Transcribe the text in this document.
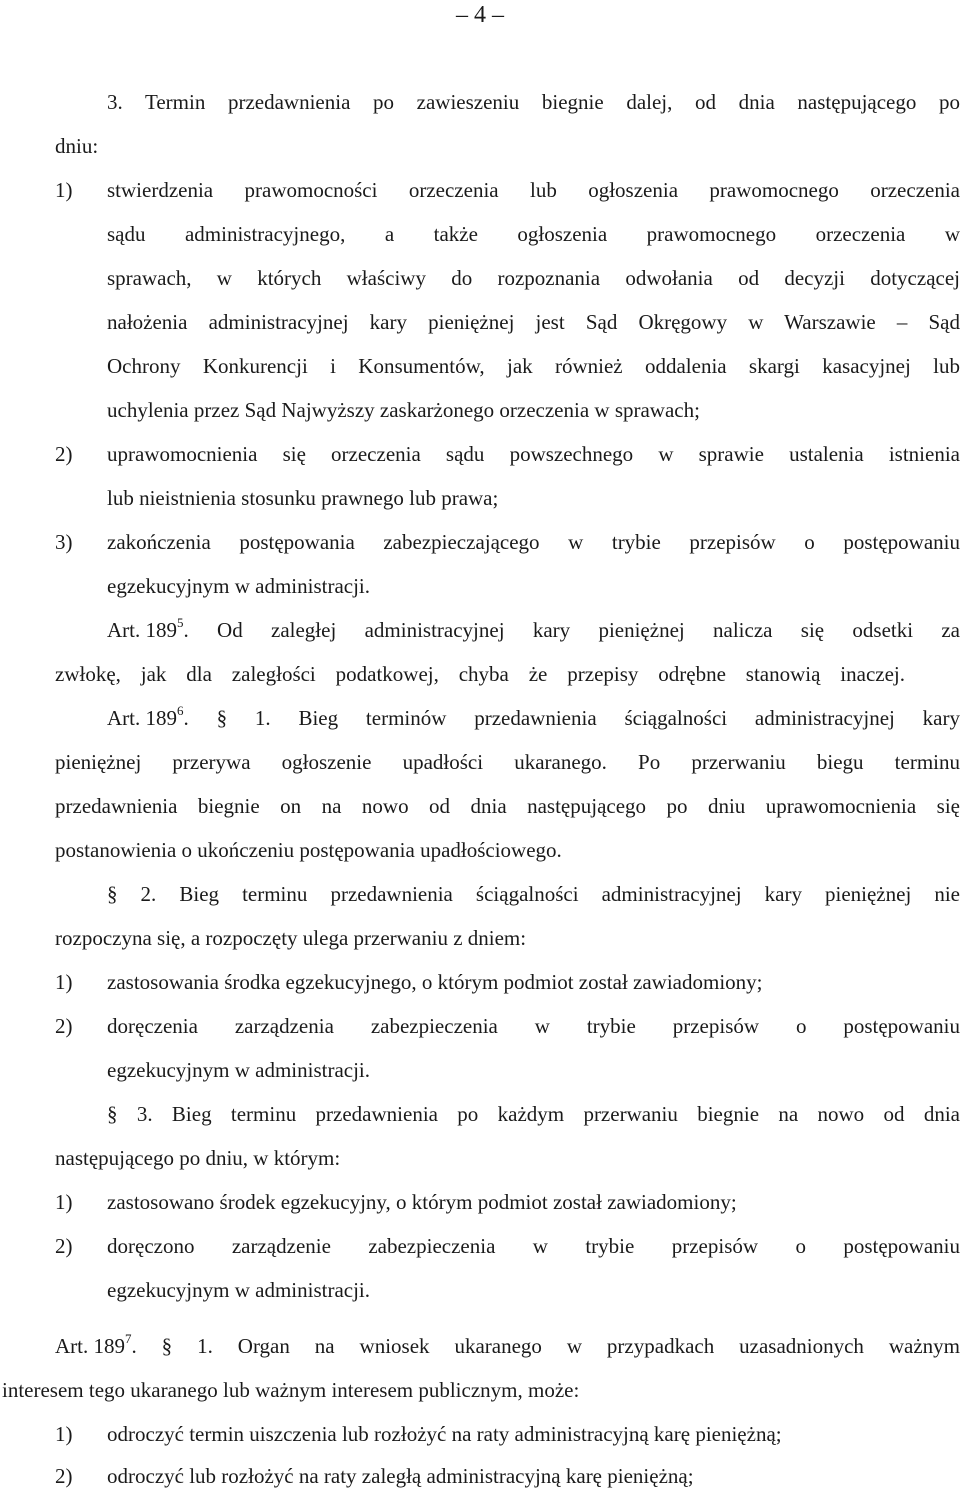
– 4 –
3. Termin przedawnienia po zawieszeniu biegnie dalej, od dnia następującego po
dniu:
1) stwierdzenia prawomocności orzeczenia lub ogłoszenia prawomocnego orzeczenia
sądu administracyjnego, a także ogłoszenia prawomocnego orzeczenia w
sprawach, w których właściwy do rozpoznania odwołania od decyzji dotyczącej
nałożenia administracyjnej kary pieniężnej jest Sąd Okręgowy w Warszawie – Sąd
Ochrony Konkurencji i Konsumentów, jak również oddalenia skargi kasacyjnej lub
uchylenia przez Sąd Najwyższy zaskarżonego orzeczenia w sprawach;
2) uprawomocnienia się orzeczenia sądu powszechnego w sprawie ustalenia istnienia
lub nieistnienia stosunku prawnego lub prawa;
3) zakończenia postępowania zabezpieczającego w trybie przepisów o postępowaniu
egzekucyjnym w administracji.
Art. $189^5$ . Od zaległej administracyjnej kary pieniężnej nalicza się odsetki za
zwłokę, jak dla zaległości podatkowej, chyba że przepisy odrębne stanowią inaczej.
Art. $189^6$ . § 1. Bieg terminów przedawnienia ściągalności administracyjnej kary
pieniężnej przerywa ogłoszenie upadłości ukaranego. Po przerwaniu biegu terminu
przedawnienia biegnie on na nowo od dnia następującego po dniu uprawomocnienia się
postanowienia o ukończeniu postępowania upadłościowego.
§ 2. Bieg terminu przedawnienia ściągalności administracyjnej kary pieniężnej nie
rozpoczyna się, a rozpoczęty ulega przerwaniu z dniem:
1) zastosowania środka egzekucyjnego, o którym podmiot został zawiadomiony;
2) doręczenia zarządzenia zabezpieczenia w trybie przepisów o postępowaniu
egzekucyjnym w administracji.
§ 3. Bieg terminu przedawnienia po każdym przerwaniu biegnie na nowo od dnia
następującego po dniu, w którym:
1) zastosowano środek egzekucyjny, o którym podmiot został zawiadomiony;
2) doręczono zarządzenie zabezpieczenia w trybie przepisów o postępowaniu
egzekucyjnym w administracji.
Art. $189^7$ . § 1. Organ na wniosek ukaranego w przypadkach uzasadnionych ważnym
interesem tego ukaranego lub ważnym interesem publicznym, może:
1) odroczyć termin uiszczenia lub rozłożyć na raty administracyjną karę pieniężną;
2) odroczyć lub rozłożyć na raty zaległą administracyjną karę pieniężną;
